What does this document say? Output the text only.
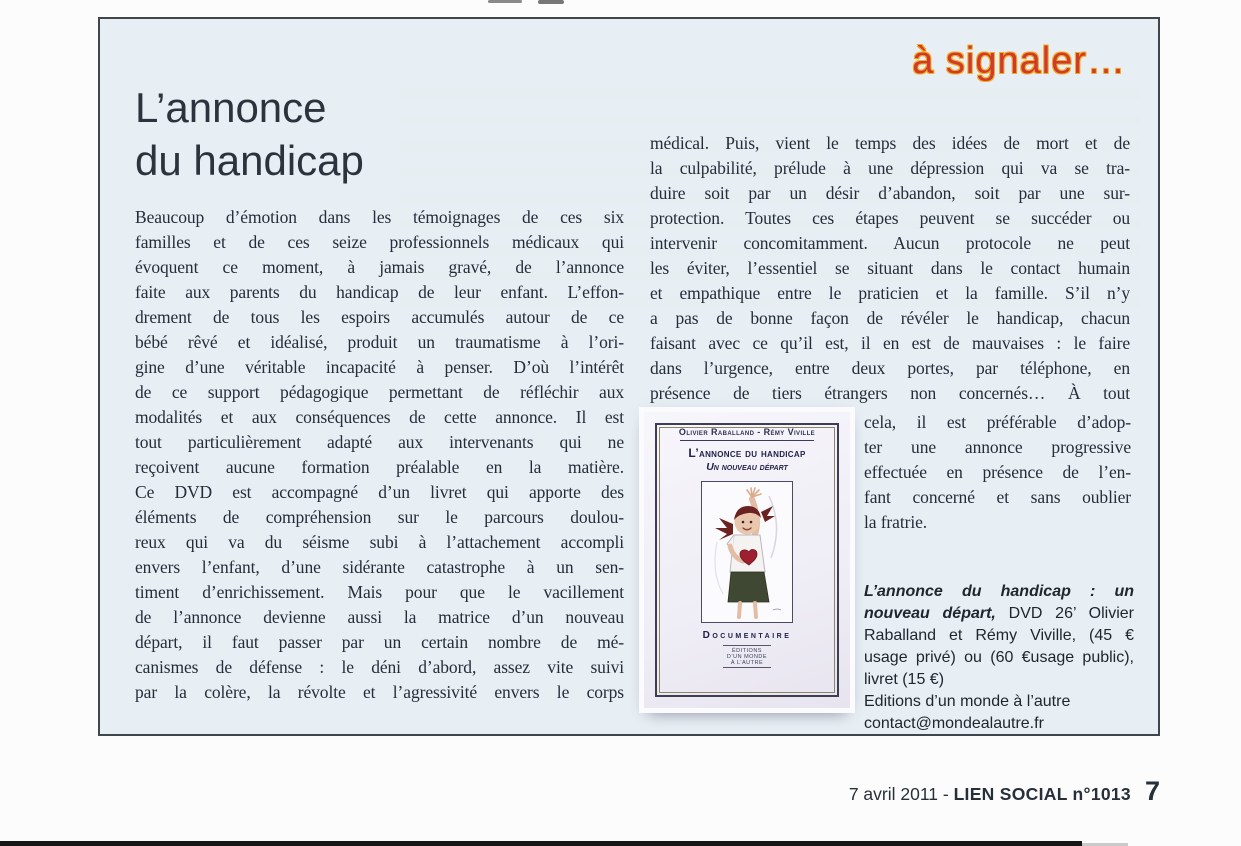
à signaler…
L’annonce
du handicap
Beaucoup d’émotion dans les témoignages de ces six
familles et de ces seize professionnels médicaux qui
évoquent ce moment, à jamais gravé, de l’annonce
faite aux parents du handicap de leur enfant. L’effon-
drement de tous les espoirs accumulés autour de ce
bébé rêvé et idéalisé, produit un traumatisme à l’ori-
gine d’une véritable incapacité à penser. D’où l’intérêt
de ce support pédagogique permettant de réfléchir aux
modalités et aux conséquences de cette annonce. Il est
tout particulièrement adapté aux intervenants qui ne
reçoivent aucune formation préalable en la matière.
Ce DVD est accompagné d’un livret qui apporte des
éléments de compréhension sur le parcours doulou-
reux qui va du séisme subi à l’attachement accompli
envers l’enfant, d’une sidérante catastrophe à un sen-
timent d’enrichissement. Mais pour que le vacillement
de l’annonce devienne aussi la matrice d’un nouveau
départ, il faut passer par un certain nombre de mé-
canismes de défense : le déni d’abord, assez vite suivi
par la colère, la révolte et l’agressivité envers le corps
médical. Puis, vient le temps des idées de mort et de
la culpabilité, prélude à une dépression qui va se tra-
duire soit par un désir d’abandon, soit par une sur-
protection. Toutes ces étapes peuvent se succéder ou
intervenir concomitamment. Aucun protocole ne peut
les éviter, l’essentiel se situant dans le contact humain
et empathique entre le praticien et la famille. S’il n’y
a pas de bonne façon de révéler le handicap, chacun
faisant avec ce qu’il est, il en est de mauvaises : le faire
dans l’urgence, entre deux portes, par téléphone, en
présence de tiers étrangers non concernés… À tout
cela, il est préférable d’adop-
ter une annonce progressive
effectuée en présence de l’en-
fant concerné et sans oublier
la fratrie.
Olivier Raballand - Rémy Viville
L’annonce du handicap
Un nouveau départ
Documentaire
ÉDITIONS
D’UN MONDE
À L’AUTRE

L’annonce du handicap : un nouveau départ, DVD 26’ Olivier Raballand et Rémy Viville, (45 € usage privé) ou (60 €usage public), livret (15 €)

Editions d’un monde à l’autre
contact@mondealautre.fr
7 avril 2011 - LIEN SOCIAL n°1013 7
